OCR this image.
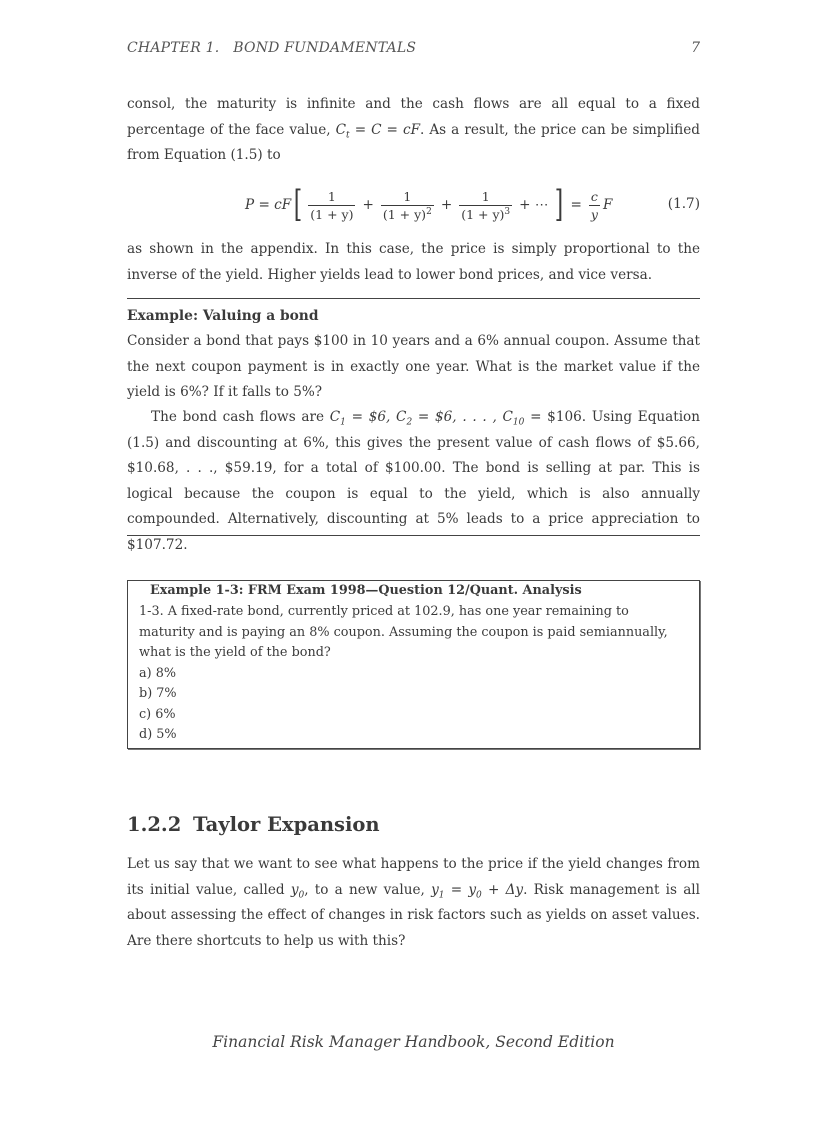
CHAPTER 1.   BOND FUNDAMENTALS	7

consol, the maturity is infinite and the cash flows are all equal to a fixed percentage of the face value, $C_t = C$ = cF. As a result, the price can be simplified from Equation (1.5) to

P = cF [ $\frac{1}{(1 + y)} + \frac{1}{(1 + y)^2} + \frac{1}{(1 + y)^3}$ + ⋯ ] = $\frac{c}{y}$ F	(1.7)

as shown in the appendix. In this case, the price is simply proportional to the inverse of the yield. Higher yields lead to lower bond prices, and vice versa.

Example: Valuing a bond

Consider a bond that pays $100 in 10 years and a 6% annual coupon. Assume that the next coupon payment is in exactly one year. What is the market value if the yield is 6%? If it falls to 5%?

The bond cash flows are $C_1$ = $6, $C_2$ = $6, . . . , $C_{10}$ = $106. Using Equation (1.5) and discounting at 6%, this gives the present value of cash flows of $5.66, $10.68, . . ., $59.19, for a total of $100.00. The bond is selling at par. This is logical because the coupon is equal to the yield, which is also annually compounded. Alternatively, discounting at 5% leads to a price appreciation to $107.72.

Example 1-3: FRM Exam 1998—Question 12/Quant. Analysis
1-3. A fixed-rate bond, currently priced at 102.9, has one year remaining to maturity and is paying an 8% coupon. Assuming the coupon is paid semiannually, what is the yield of the bond?
a) 8%
b) 7%
c) 6%
d) 5%
1.2.2 Taylor Expansion

Let us say that we want to see what happens to the price if the yield changes from its initial value, called $y_0$, to a new value, $y_1 = y_0 + \Delta y$. Risk management is all about assessing the effect of changes in risk factors such as yields on asset values. Are there shortcuts to help us with this?

Financial Risk Manager Handbook, Second Edition
